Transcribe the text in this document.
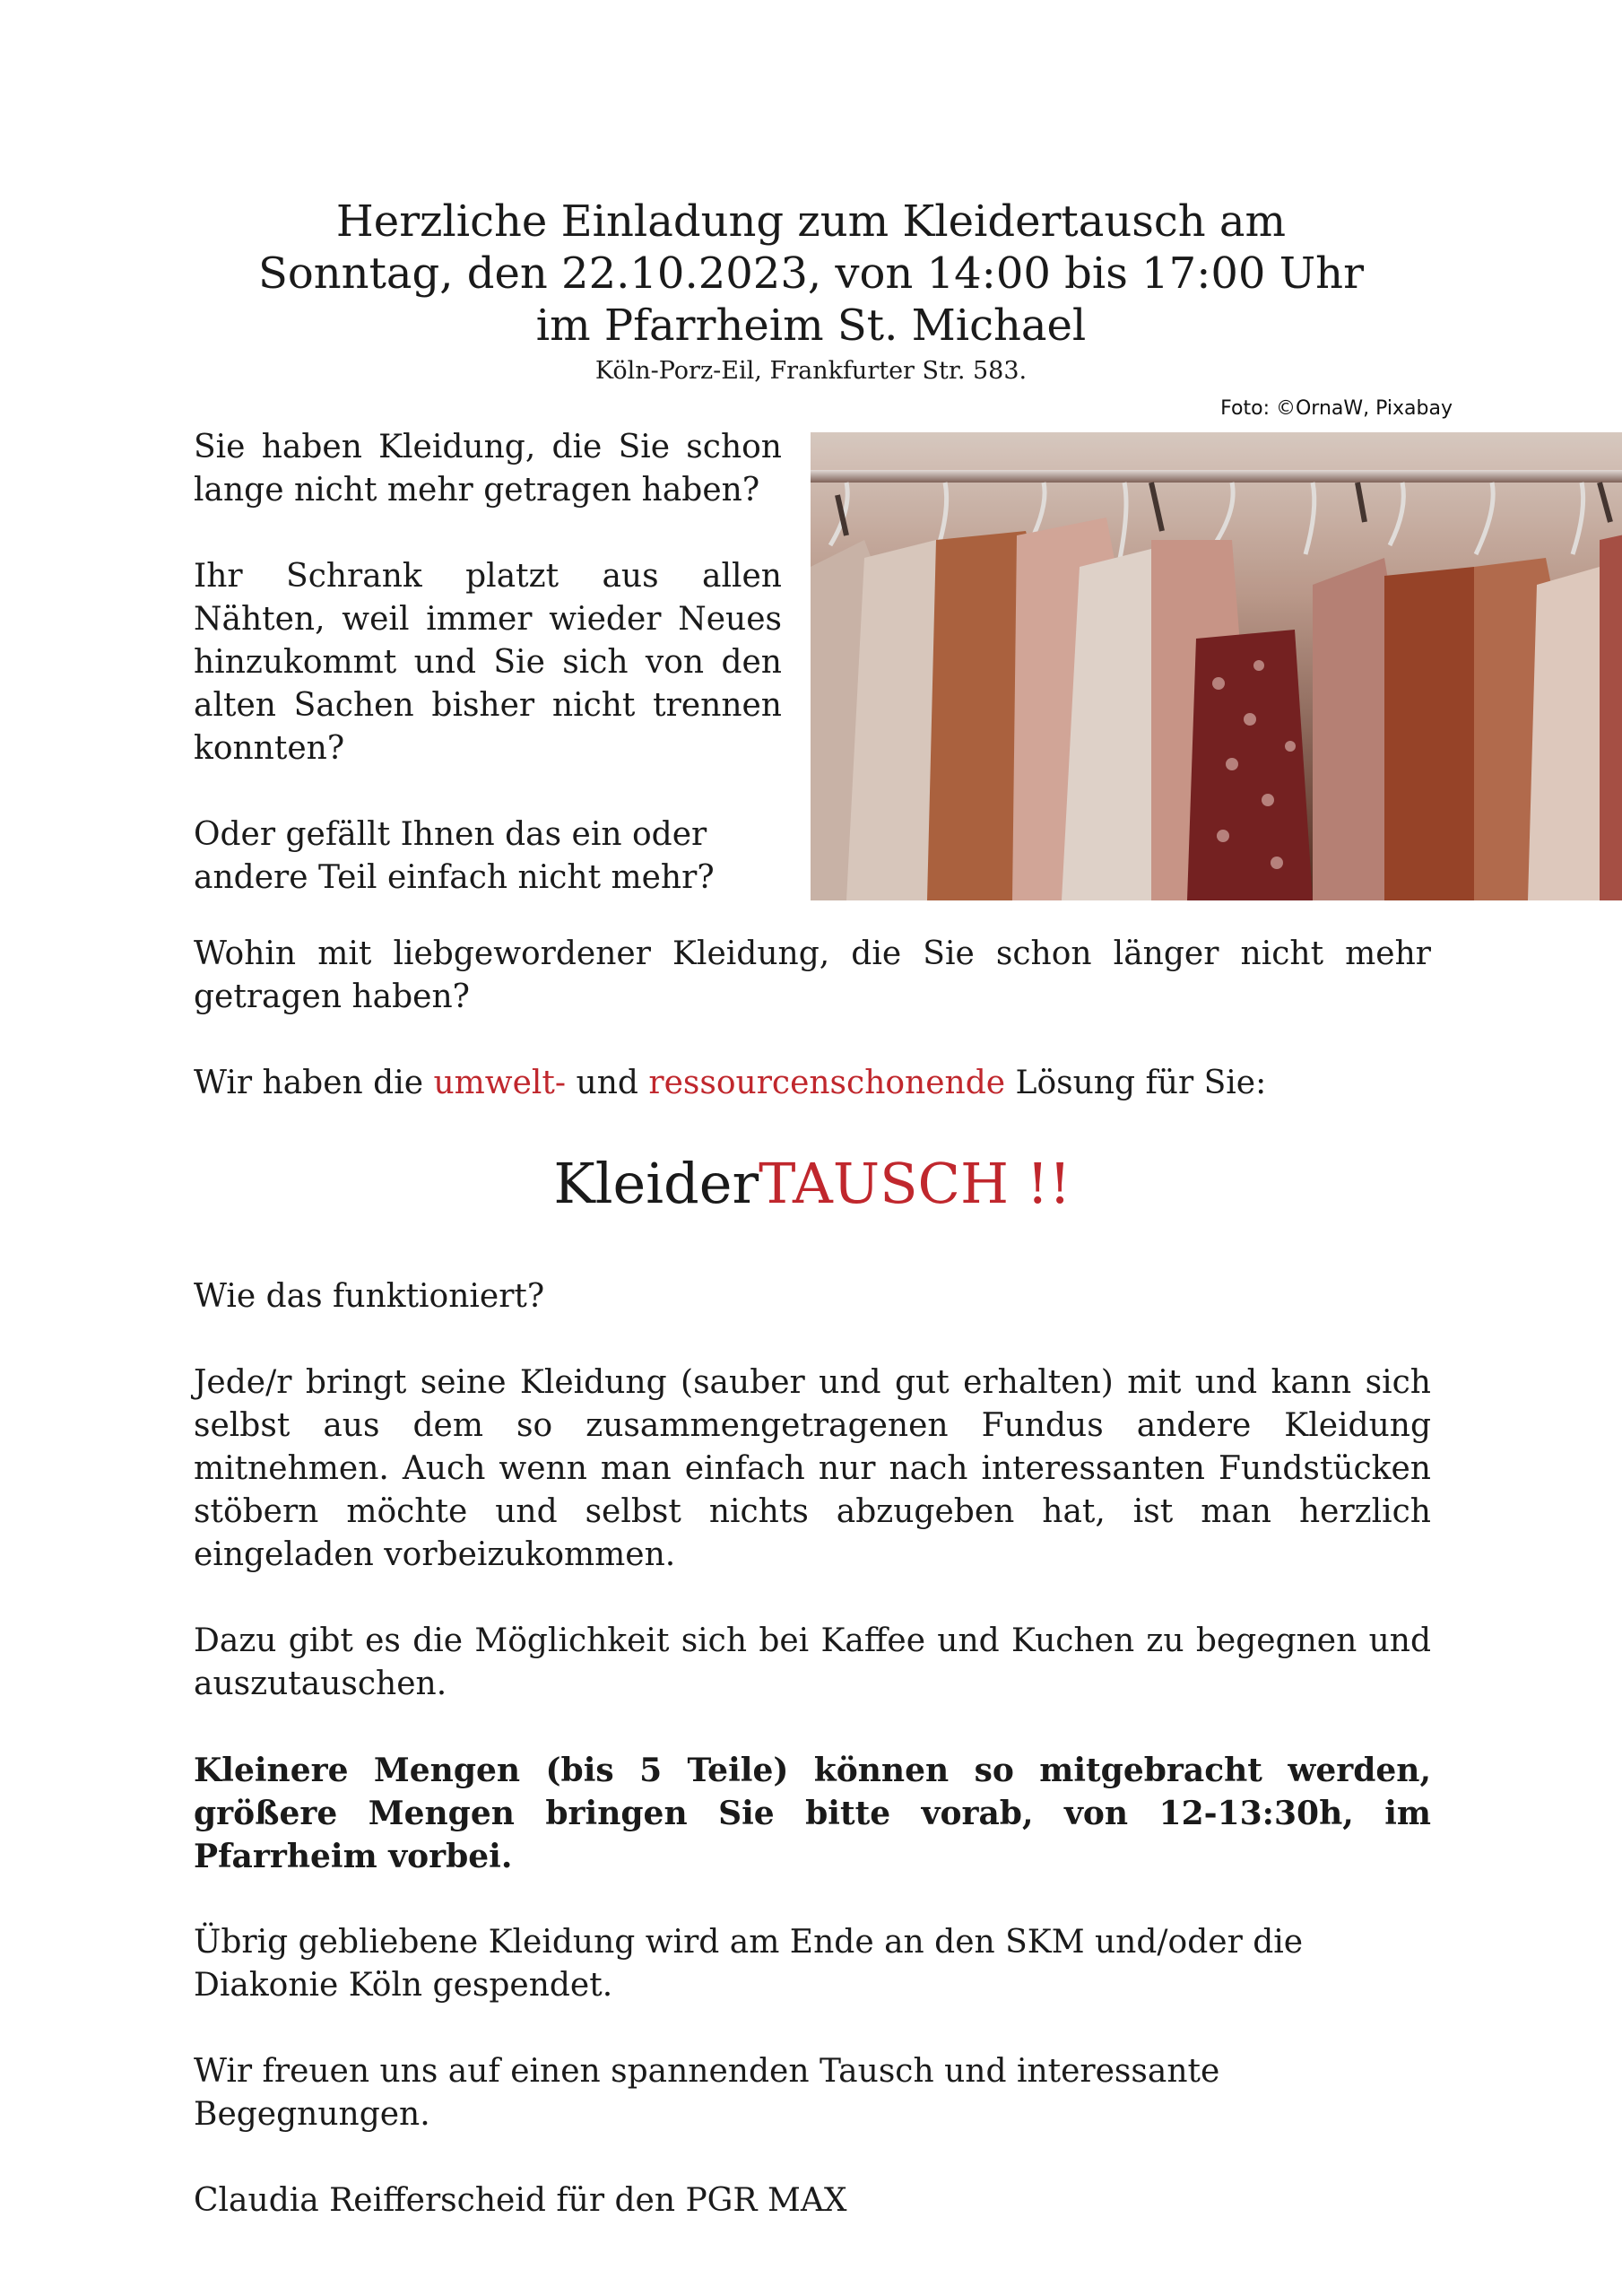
Herzliche Einladung zum Kleidertausch am
Sonntag, den 22.10.2023, von 14:00 bis 17:00 Uhr
im Pfarrheim St. Michael
Köln-Porz-Eil, Frankfurter Str. 583.
Foto: ©OrnaW, Pixabay

Sie haben Kleidung, die Sie schon lange nicht mehr getragen haben?

Ihr Schrank platzt aus allen Nähten, weil immer wieder Neues hinzukommt und Sie sich von den alten Sachen bisher nicht trennen konnten?

Oder gefällt Ihnen das ein oder andere Teil einfach nicht mehr?

Wohin mit liebgewordener Kleidung, die Sie schon länger nicht mehr getragen haben?

Wir haben die umwelt- und ressourcenschonende Lösung für Sie:

KleiderTAUSCH !!

Wie das funktioniert?

Jede/r bringt seine Kleidung (sauber und gut erhalten) mit und kann sich selbst aus dem so zusammengetragenen Fundus andere Kleidung mitnehmen. Auch wenn man einfach nur nach interessanten Fundstücken stöbern möchte und selbst nichts abzugeben hat, ist man herzlich eingeladen vorbeizukommen.

Dazu gibt es die Möglichkeit sich bei Kaffee und Kuchen zu begegnen und auszutauschen.

Kleinere Mengen (bis 5 Teile) können so mitgebracht werden, größere Mengen bringen Sie bitte vorab, von 12-13:30h, im Pfarrheim vorbei.

Übrig gebliebene Kleidung wird am Ende an den SKM und/oder die Diakonie Köln gespendet.

Wir freuen uns auf einen spannenden Tausch und interessante Begegnungen.

Claudia Reifferscheid für den PGR MAX
